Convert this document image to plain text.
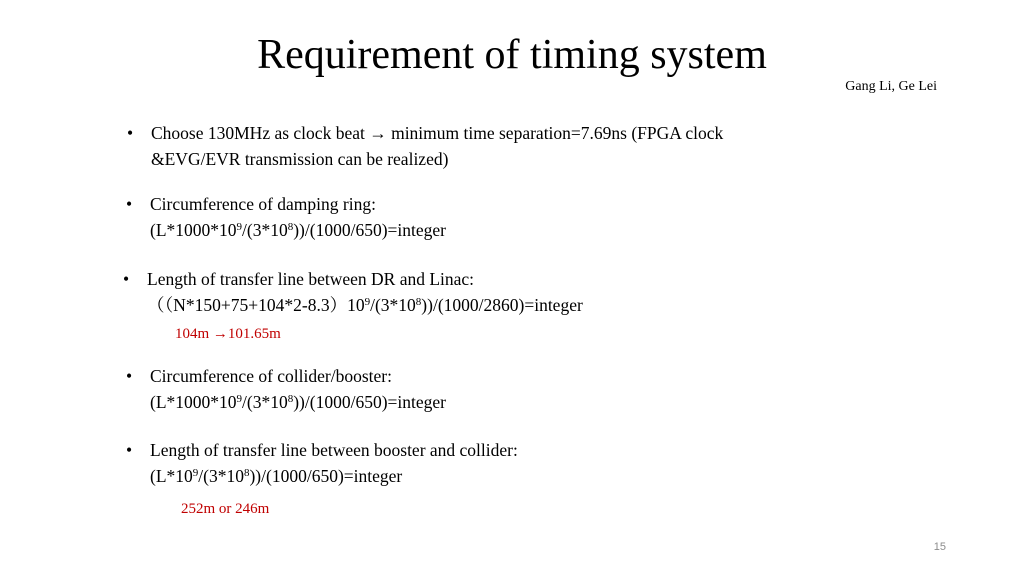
Requirement of timing system
Gang Li, Ge Lei
•	Choose 130MHz as clock beat → minimum time separation=7.69ns (FPGA clock
&EVG/EVR transmission can be realized)
•	Circumference of damping ring:
$(L*1000*10^9/(3*10^8))/(1000/650)=integer$
•	Length of transfer line between DR and Linac:
$((N*150+75+104*2-8.3)10^9/(3*10^8))/(1000/2860)=integer$
104m →101.65m
•	Circumference of collider/booster:
$(L*1000*10^9/(3*10^8))/(1000/650)=integer$
•	Length of transfer line between booster and collider:
$(L*10^9/(3*10^8))/(1000/650)=integer$
252m or 246m
15
